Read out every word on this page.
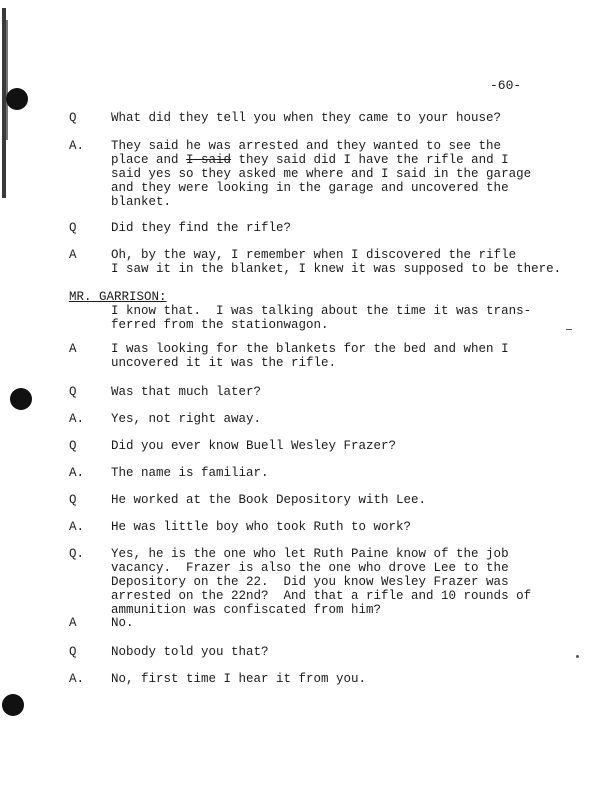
-60-
Q	What did they tell you when they came to your house?
A. They said he was arrested and they wanted to see the
place and I said they said did I have the rifle and I
said yes so they asked me where and I said in the garage
and they were looking in the garage and uncovered the
blanket.
Q	Did they find the rifle?
A	Oh, by the way, I remember when I discovered the rifle
I saw it in the blanket, I knew it was supposed to be there.
MR. GARRISON:
I know that.  I was talking about the time it was trans-
ferred from the stationwagon.
A	I was looking for the blankets for the bed and when I
uncovered it it was the rifle.
Q	Was that much later?
A. Yes, not right away.
Q	Did you ever know Buell Wesley Frazer?
A. The name is familiar.
Q	He worked at the Book Depository with Lee.
A. He was little boy who took Ruth to work?
Q. Yes, he is the one who let Ruth Paine know of the job
vacancy.  Frazer is also the one who drove Lee to the
Depository on the 22.  Did you know Wesley Frazer was
arrested on the 22nd?  And that a rifle and 10 rounds of
ammunition was confiscated from him?
A	No.
Q	Nobody told you that?
A. No, first time I hear it from you.
